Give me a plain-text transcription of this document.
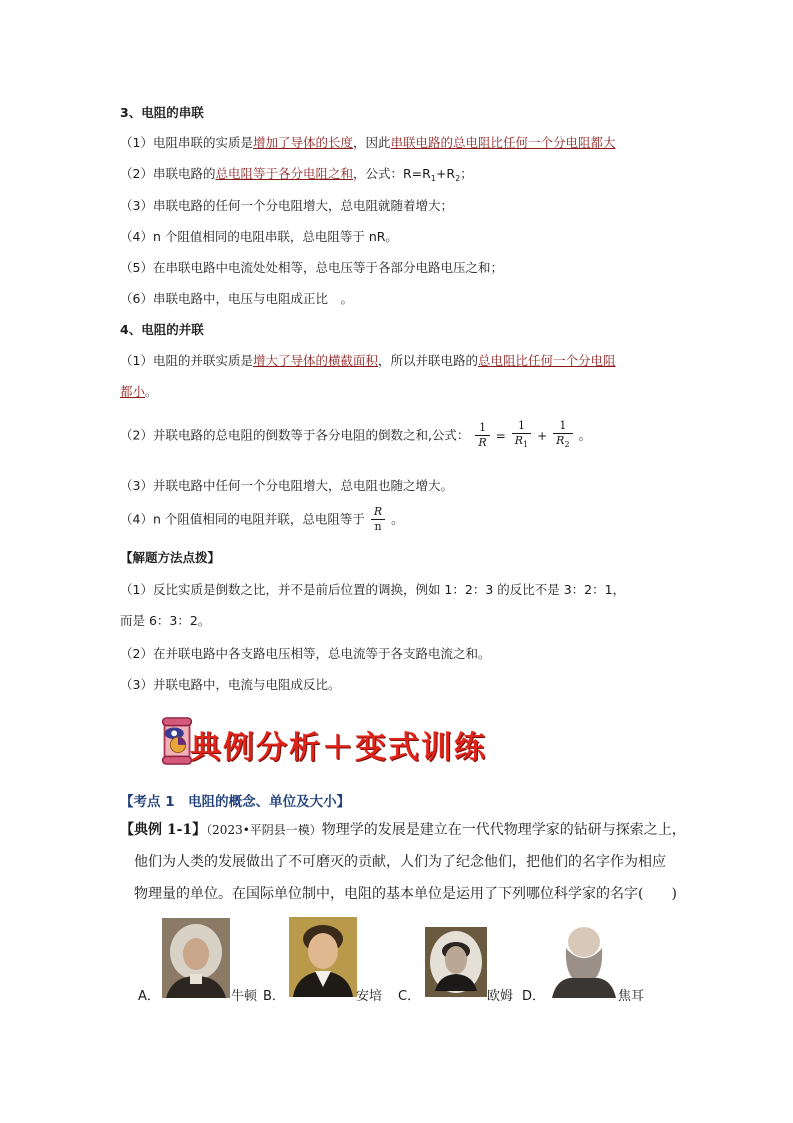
3、电阻的串联
（1）电阻串联的实质是增加了导体的长度，因此串联电路的总电阻比任何一个分电阻都大
（2）串联电路的总电阻等于各分电阻之和，公式：$R=R_1+R_2$；
（3）串联电路的任何一个分电阻增大，总电阻就随着增大；
（4）n 个阻值相同的电阻串联，总电阻等于 nR。
（5）在串联电路中电流处处相等，总电压等于各部分电路电压之和；
（6）串联电路中，电压与电阻成正比　。
4、电阻的并联
（1）电阻的并联实质是增大了导体的横截面积，所以并联电路的总电阻比任何一个分电阻
都小。
（2）并联电路的总电阻的倒数等于各分电阻的倒数之和,公式： $\frac{1}{R} = \frac{1}{R_1} + \frac{1}{R_2}$ 。
（3）并联电路中任何一个分电阻增大，总电阻也随之增大。
（4）n 个阻值相同的电阻并联，总电阻等于 $\frac{R}{n}$ 。
【解题方法点拨】
（1）反比实质是倒数之比，并不是前后位置的调换，例如 1：2：3 的反比不是 3：2：1，
而是 6：3：2。
（2）在并联电路中各支路电压相等，总电流等于各支路电流之和。
（3）并联电路中，电流与电阻成反比。
典例分析＋变式训练
【考点 1　电阻的概念、单位及大小】
【典例 1-1】（2023•平阴县一模）物理学的发展是建立在一代代物理学家的钻研与探索之上，
他们为人类的发展做出了不可磨灭的贡献，人们为了纪念他们，把他们的名字作为相应
物理量的单位。在国际单位制中，电阻的基本单位是运用了下列哪位科学家的名字(　　)
A．	牛顿 B．	安培 C．	欧姆 D．	焦耳
